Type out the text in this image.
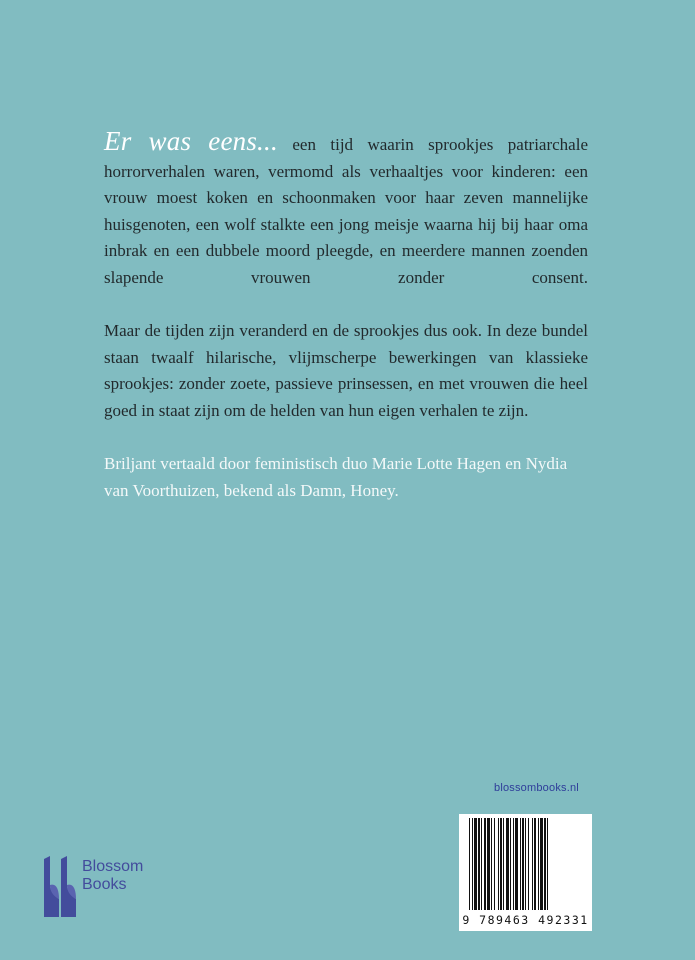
Er was eens... een tijd waarin sprookjes patriarchale horrorverhalen waren, vermomd als verhaaltjes voor kinderen: een vrouw moest koken en schoonmaken voor haar zeven mannelijke huisgenoten, een wolf stalkte een jong meisje waarna hij bij haar oma inbrak en een dubbele moord pleegde, en meerdere mannen zoenden slapende vrouwen zonder consent.

Maar de tijden zijn veranderd en de sprookjes dus ook. In deze bundel staan twaalf hilarische, vlijmscherpe bewerkingen van klassieke sprookjes: zonder zoete, passieve prinsessen, en met vrouwen die heel goed in staat zijn om de helden van hun eigen verhalen te zijn.

Briljant vertaald door feministisch duo Marie Lotte Hagen en Nydia van Voorthuizen, bekend als Damn, Honey.

blossombooks.nl
9 789463 492331
Blossom
Books
